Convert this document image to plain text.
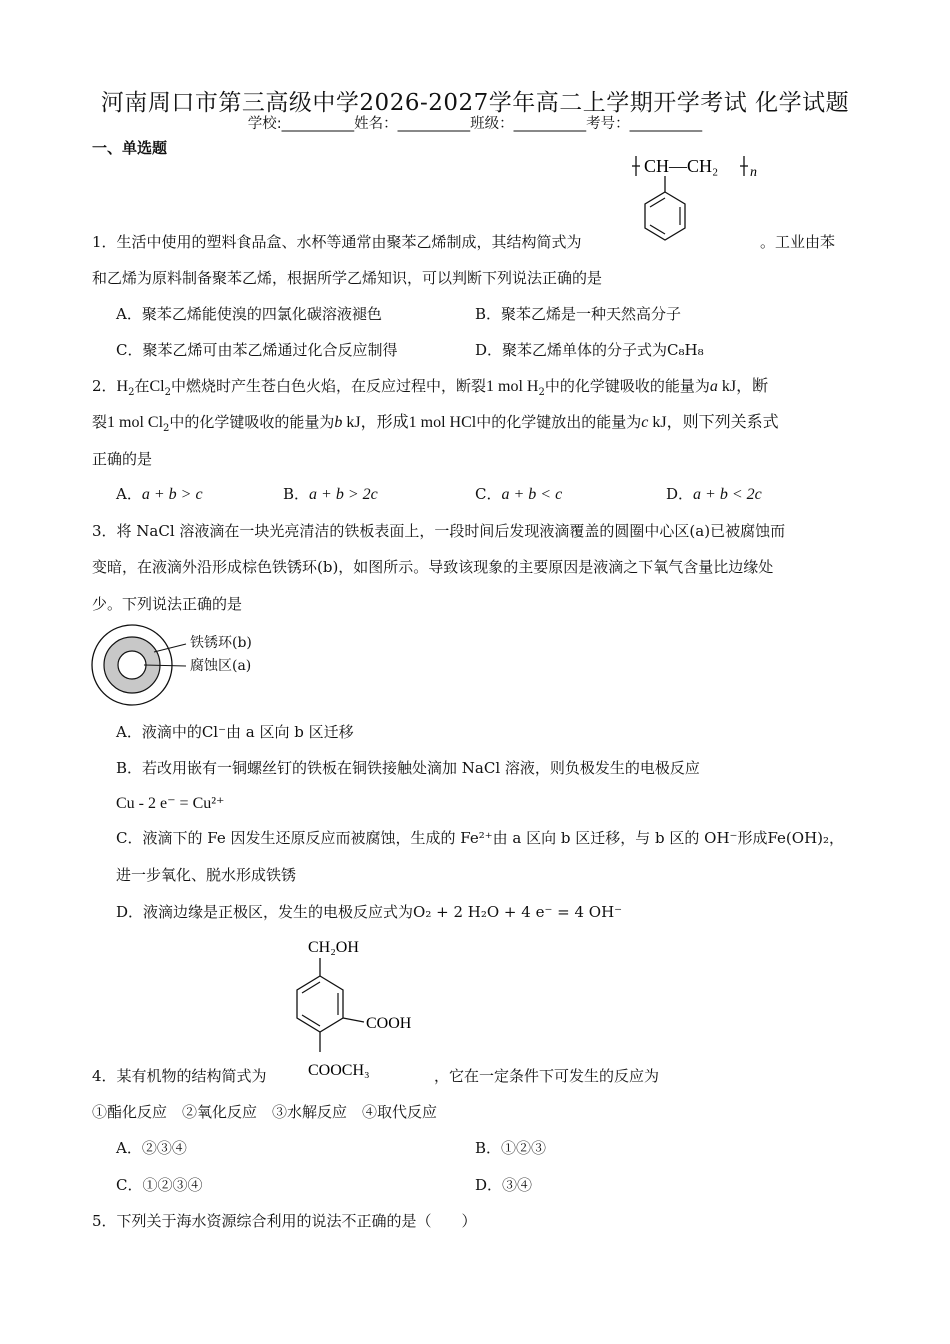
河南周口市第三高级中学2026-2027学年高二上学期开学考试 化学试题
学校:__________姓名：__________班级：__________考号：__________
一、单选题
CH—CH₂ n
1．生活中使用的塑料食品盒、水杯等通常由聚苯乙烯制成，其结构简式为	。工业由苯
和乙烯为原料制备聚苯乙烯，根据所学乙烯知识，可以判断下列说法正确的是
A．聚苯乙烯能使溴的四氯化碳溶液褪色	B．聚苯乙烯是一种天然高分子
C．聚苯乙烯可由苯乙烯通过化合反应制得	D．聚苯乙烯单体的分子式为C₈H₈
2．$H_2$在$Cl_2$中燃烧时产生苍白色火焰，在反应过程中，断裂1 mol $H_2$中的化学键吸收的能量为a kJ，断
裂1 mol $Cl_2$中的化学键吸收的能量为b kJ，形成1 mol HCl中的化学键放出的能量为c kJ，则下列关系式
正确的是
A．a + b > c	B．a + b > 2c	C．a + b < c	D．a + b < 2c
3．将 NaCl 溶液滴在一块光亮清洁的铁板表面上，一段时间后发现液滴覆盖的圆圈中心区(a)已被腐蚀而
变暗，在液滴外沿形成棕色铁锈环(b)，如图所示。导致该现象的主要原因是液滴之下氧气含量比边缘处
少。下列说法正确的是
铁锈环(b)
腐蚀区(a)
A．液滴中的Cl⁻由 a 区向 b 区迁移
B．若改用嵌有一铜螺丝钉的铁板在铜铁接触处滴加 NaCl 溶液，则负极发生的电极反应
Cu - 2 e⁻ = Cu²⁺
C．液滴下的 Fe 因发生还原反应而被腐蚀，生成的 Fe²⁺由 a 区向 b 区迁移，与 b 区的 OH⁻形成Fe(OH)₂，
进一步氧化、脱水形成铁锈
D．液滴边缘是正极区，发生的电极反应式为O₂ + 2 H₂O + 4 e⁻ = 4 OH⁻
CH₂OH
COOH
COOCH₃
4．某有机物的结构简式为	，它在一定条件下可发生的反应为
①酯化反应　②氧化反应　③水解反应　④取代反应
A．②③④	B．①②③
C．①②③④	D．③④
5．下列关于海水资源综合利用的说法不正确的是（　　）
